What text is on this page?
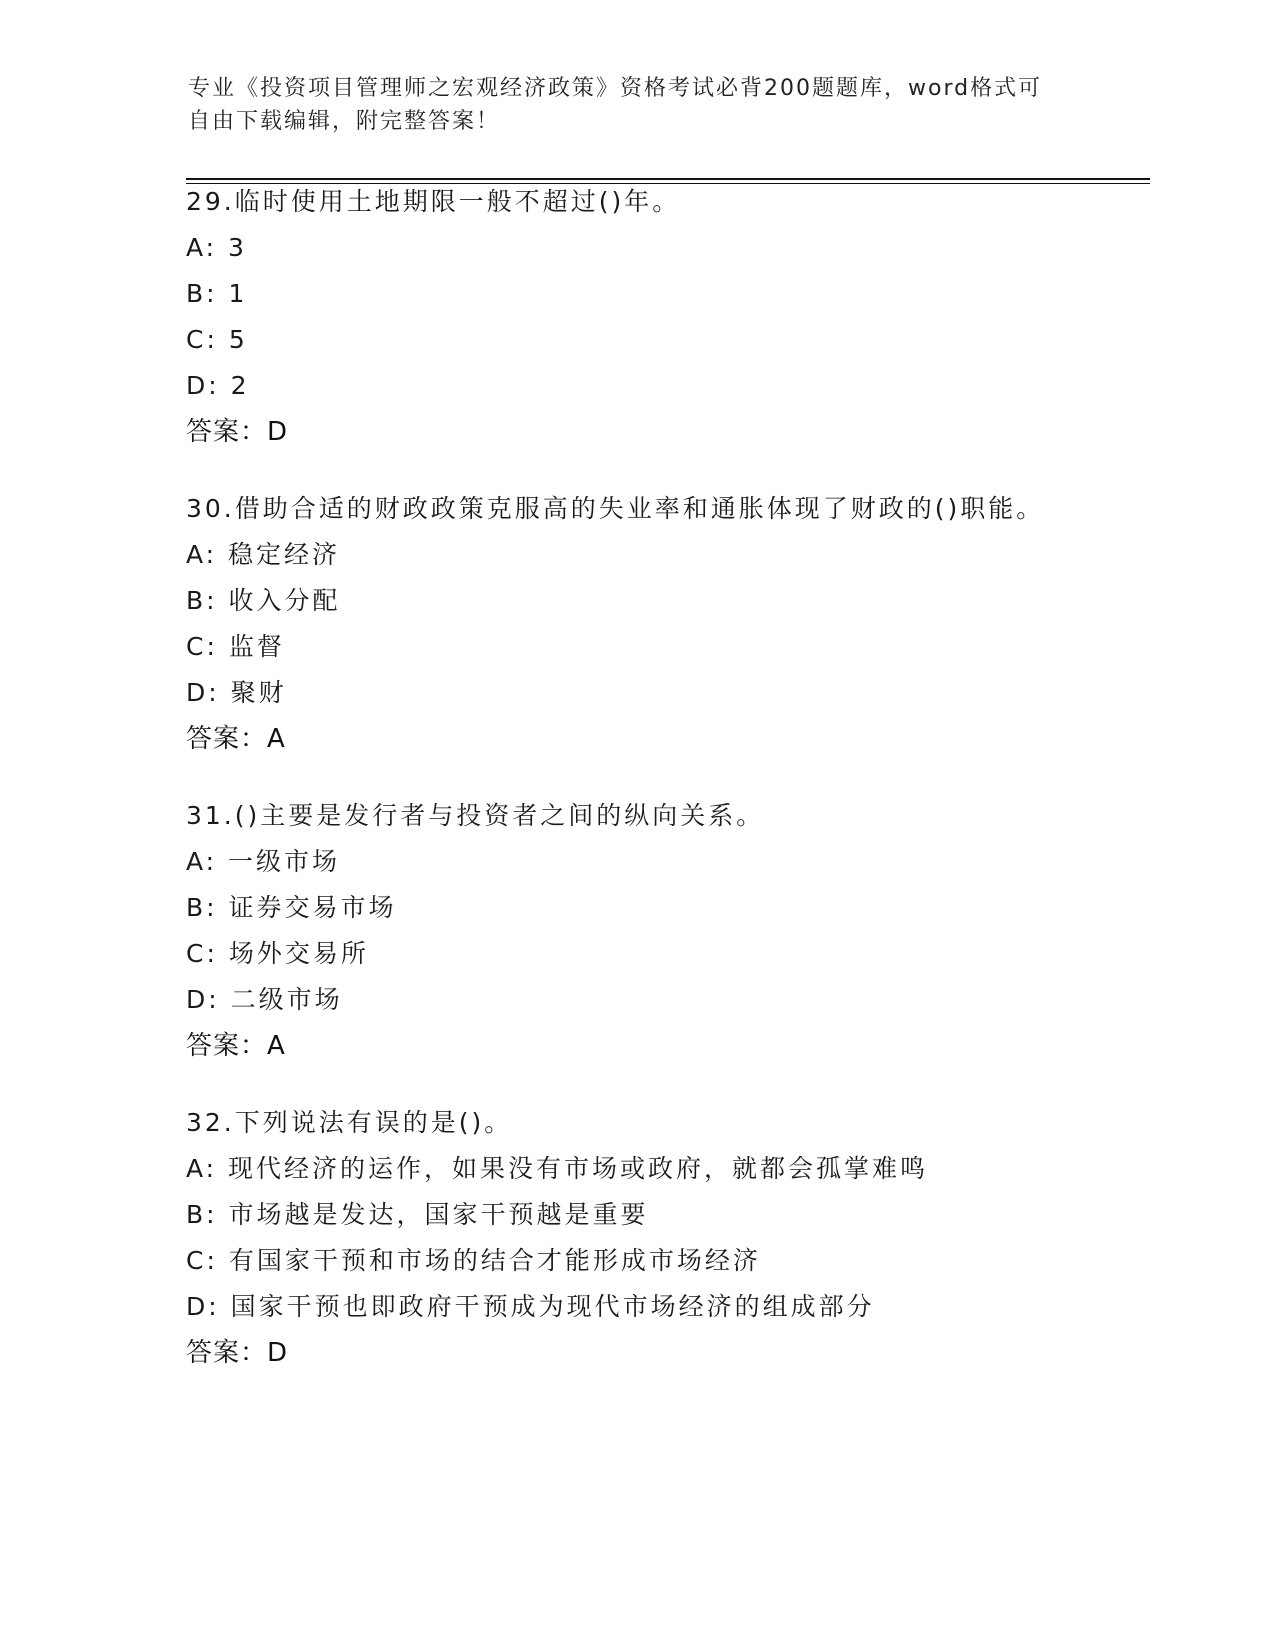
专业《投资项目管理师之宏观经济政策》资格考试必背200题题库，word格式可
自由下载编辑，附完整答案！
29.临时使用土地期限一般不超过()年。
A: 3
B: 1
C: 5
D: 2
答案：D
30.借助合适的财政政策克服高的失业率和通胀体现了财政的()职能。
A: 稳定经济
B: 收入分配
C: 监督
D: 聚财
答案：A
31.()主要是发行者与投资者之间的纵向关系。
A: 一级市场
B: 证券交易市场
C: 场外交易所
D: 二级市场
答案：A
32.下列说法有误的是()。
A: 现代经济的运作，如果没有市场或政府，就都会孤掌难鸣
B: 市场越是发达，国家干预越是重要
C: 有国家干预和市场的结合才能形成市场经济
D: 国家干预也即政府干预成为现代市场经济的组成部分
答案：D
